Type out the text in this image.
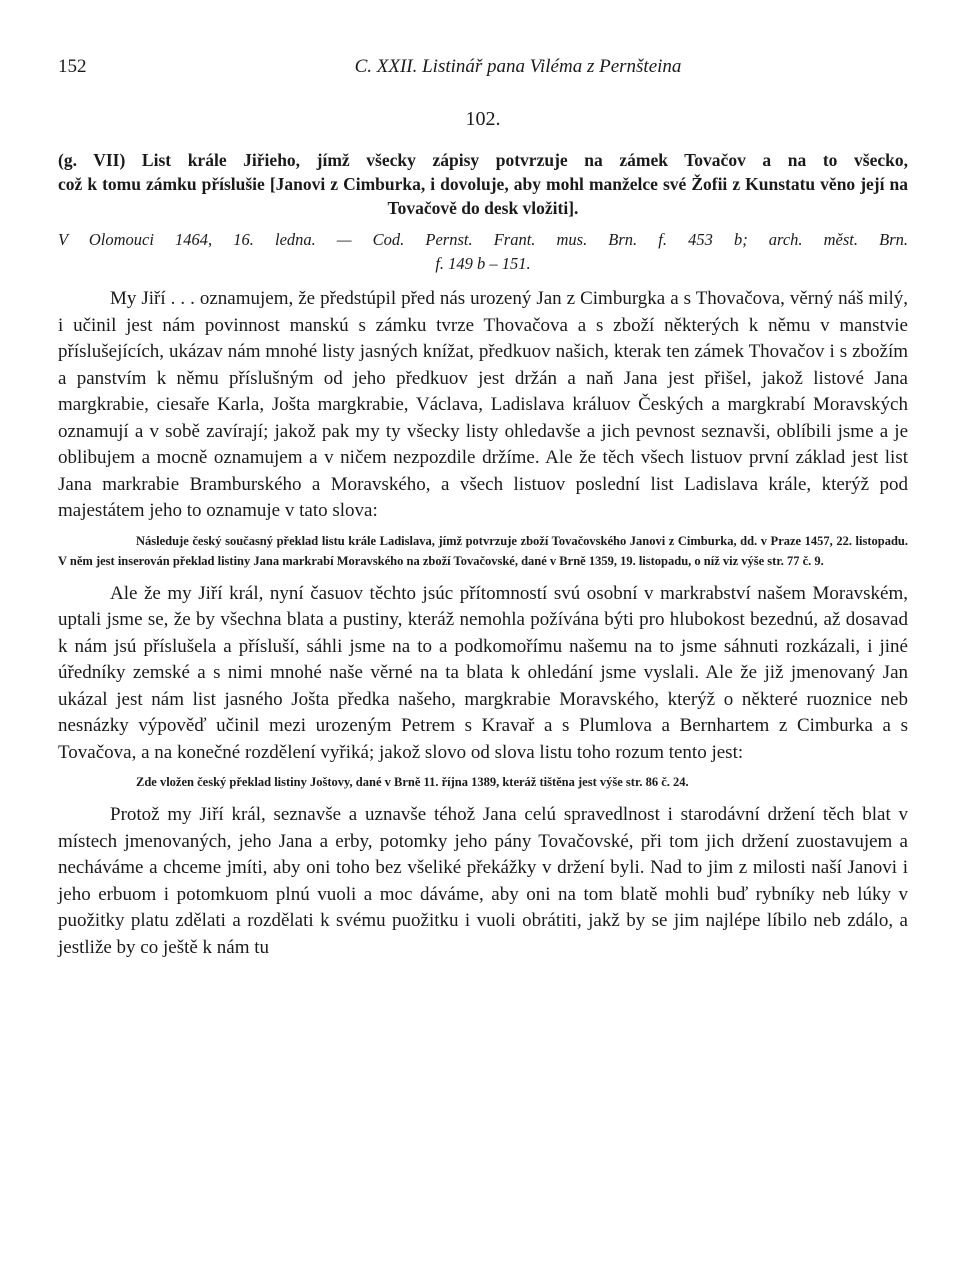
152	C. XXII. Listinář pana Viléma z Pernšteina
102.
(g. VII) List krále Jiřieho, jímž všecky zápisy potvrzuje na zámek Tovačov a na to všecko,
což k tomu zámku příslušie [Janovi z Cimburka, i dovoluje, aby mohl manželce své Žofii z Kunstatu věno její na Tovačově do desk vložiti].
V Olomouci 1464, 16. ledna. — Cod. Pernst. Frant. mus. Brn. f. 453 b; arch. měst. Brn.
f. 149 b – 151.

My Jiří . . . oznamujem, že předstúpil před nás urozený Jan z Cimburgka a s Thovačova, věrný náš milý, i učinil jest nám povinnost manskú s zámku tvrze Thovačova a s zboží některých k němu v manstvie příslušejících, ukázav nám mnohé listy jasných knížat, předkuov našich, kterak ten zámek Thovačov i s zbožím a panstvím k němu příslušným od jeho předkuov jest držán a naň Jana jest přišel, jakož listové Jana margkrabie, ciesaře Karla, Jošta margkrabie, Václava, Ladislava králuov Českých a margkrabí Moravských oznamují a v sobě zavírají; jakož pak my ty všecky listy ohledavše a jich pevnost seznavši, oblíbili jsme a je oblibujem a mocně oznamujem a v ničem nezpozdile držíme. Ale že těch všech listuov první základ jest list Jana markrabie Bramburského a Moravského, a všech listuov poslední list Ladislava krále, kterýž pod majestátem jeho to oznamuje v tato slova:

Následuje český současný překlad listu krále Ladislava, jímž potvrzuje zboží Tovačovského Janovi z Cimburka, dd. v Praze 1457, 22. listopadu. V něm jest inserován překlad listiny Jana markrabí Moravského na zboží Tovačovské, dané v Brně 1359, 19. listopadu, o níž viz výše str. 77 č. 9.

Ale že my Jiří král, nyní časuov těchto jsúc přítomností svú osobní v markrabství našem Moravském, uptali jsme se, že by všechna blata a pustiny, kteráž nemohla požívána býti pro hlubokost bezednú, až dosavad k nám jsú příslušela a přísluší, sáhli jsme na to a podkomořímu našemu na to jsme sáhnuti rozkázali, i jiné úředníky zemské a s nimi mnohé naše věrné na ta blata k ohledání jsme vyslali. Ale že již jmenovaný Jan ukázal jest nám list jasného Jošta předka našeho, margkrabie Moravského, kterýž o některé ruoznice neb nesnázky výpověď učinil mezi urozeným Petrem s Kravař a s Plumlova a Bernhartem z Cimburka a s Tovačova, a na konečné rozdělení vyřiká; jakož slovo od slova listu toho rozum tento jest:

Zde vložen český překlad listiny Joštovy, dané v Brně 11. října 1389, kteráž tištěna jest výše str. 86 č. 24.

Protož my Jiří král, seznavše a uznavše téhož Jana celú spravedlnost i starodávní držení těch blat v místech jmenovaných, jeho Jana a erby, potomky jeho pány Tovačovské, při tom jich držení zuostavujem a necháváme a chceme jmíti, aby oni toho bez všeliké překážky v držení byli. Nad to jim z milosti naší Janovi i jeho erbuom i potomkuom plnú vuoli a moc dáváme, aby oni na tom blatě mohli buď rybníky neb lúky v puožitky platu zdělati a rozdělati k svému puožitku i vuoli obrátiti, jakž by se jim najlépe líbilo neb zdálo, a jestliže by co ještě k nám tu
